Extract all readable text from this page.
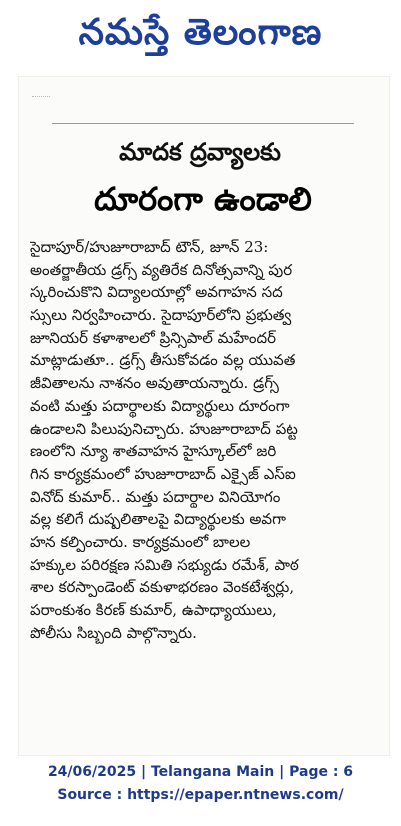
నమస్తే తెలంగాణ
మాదక ద్రవ్యాలకు
దూరంగా ఉండాలి
సైదాపూర్/హుజూరాబాద్ టౌన్, జూన్ 23:
అంతర్జాతీయ డ్రగ్స్ వ్యతిరేక దినోత్సవాన్ని పుర
స్కరించుకొని విద్యాలయాల్లో అవగాహన సద
స్సులు నిర్వహించారు. సైదాపూర్‌లోని ప్రభుత్వ
జూనియర్ కళాశాలలో ప్రిన్సిపాల్ మహేందర్
మాట్లాడుతూ.. డ్రగ్స్ తీసుకోవడం వల్ల యువత
జీవితాలను నాశనం అవుతాయన్నారు. డ్రగ్స్
వంటి మత్తు పదార్థాలకు విద్యార్థులు దూరంగా
ఉండాలని పిలుపునిచ్చారు. హుజూరాబాద్ పట్ట
ణంలోని న్యూ శాతవాహన హైస్కూల్‌లో జరి
గిన కార్యక్రమంలో హుజూరాబాద్ ఎక్సైజ్ ఎస్ఐ
వినోద్ కుమార్.. మత్తు పదార్థాల వినియోగం
వల్ల కలిగే దుష్పలితాలపై విద్యార్థులకు అవగా
హన కల్పించారు. కార్యక్రమంలో బాలల
హక్కుల పరిరక్షణ సమితి సభ్యుడు రమేశ్, పాఠ
శాల కరస్పాండెంట్ వకుళాభరణం వెంకటేశ్వర్లు,
పరాంకుశం కిరణ్ కుమార్, ఉపాధ్యాయులు,
పోలీసు సిబ్బంది పాల్గొన్నారు.
24/06/2025 | Telangana Main | Page : 6
Source : https://epaper.ntnews.com/
